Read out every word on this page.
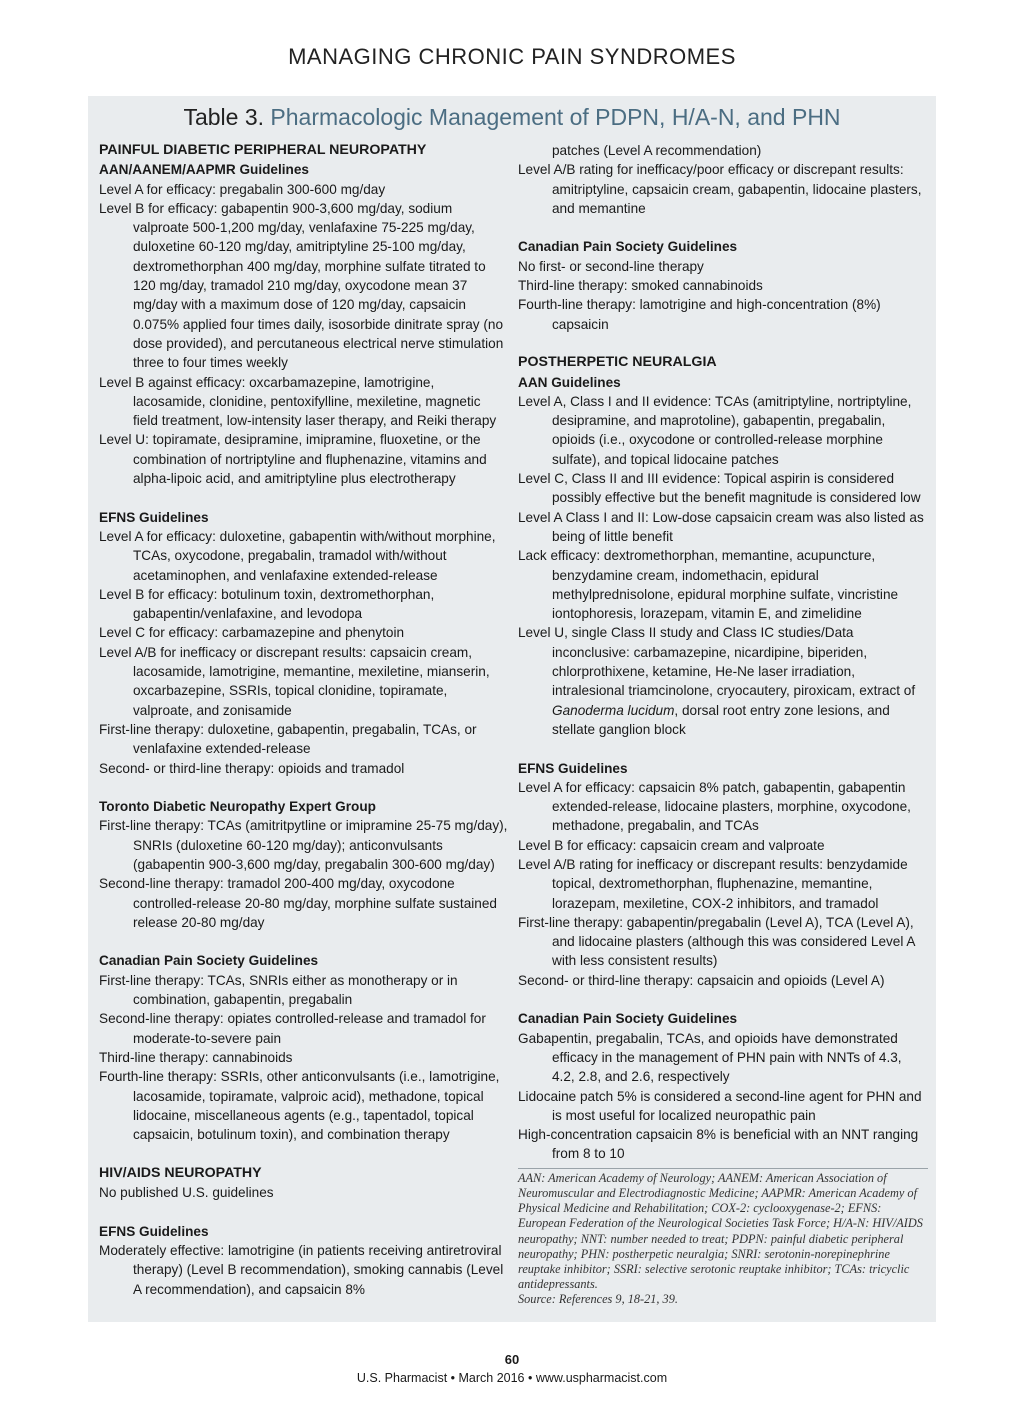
MANAGING CHRONIC PAIN SYNDROMES
Table 3. Pharmacologic Management of PDPN, H/A-N, and PHN
PAINFUL DIABETIC PERIPHERAL NEUROPATHY
AAN/AANEM/AAPMR Guidelines

Level A for efficacy: pregabalin 300-600 mg/day

Level B for efficacy: gabapentin 900-3,600 mg/day, sodium valproate 500-1,200 mg/day, venlafaxine 75-225 mg/day, duloxetine 60-120 mg/day, amitriptyline 25-100 mg/day, dextromethorphan 400 mg/day, morphine sulfate titrated to 120 mg/day, tramadol 210 mg/day, oxycodone mean 37 mg/day with a maximum dose of 120 mg/day, capsaicin 0.075% applied four times daily, isosorbide dinitrate spray (no dose provided), and percutaneous electrical nerve stimulation three to four times weekly

Level B against efficacy: oxcarbamazepine, lamotrigine, lacosamide, clonidine, pentoxifylline, mexiletine, magnetic field treatment, low-intensity laser therapy, and Reiki therapy

Level U: topiramate, desipramine, imipramine, fluoxetine, or the combination of nortriptyline and fluphenazine, vitamins and alpha-lipoic acid, and amitriptyline plus electrotherapy

EFNS Guidelines

Level A for efficacy: duloxetine, gabapentin with/without morphine, TCAs, oxycodone, pregabalin, tramadol with/without acetaminophen, and venlafaxine extended-release

Level B for efficacy: botulinum toxin, dextromethorphan, gabapentin/venlafaxine, and levodopa

Level C for efficacy: carbamazepine and phenytoin

Level A/B for inefficacy or discrepant results: capsaicin cream, lacosamide, lamotrigine, memantine, mexiletine, mianserin, oxcarbazepine, SSRIs, topical clonidine, topiramate, valproate, and zonisamide

First-line therapy: duloxetine, gabapentin, pregabalin, TCAs, or venlafaxine extended-release

Second- or third-line therapy: opioids and tramadol

Toronto Diabetic Neuropathy Expert Group

First-line therapy: TCAs (amitritpytline or imipramine 25-75 mg/day), SNRIs (duloxetine 60-120 mg/day); anticonvulsants (gabapentin 900-3,600 mg/day, pregabalin 300-600 mg/day)

Second-line therapy: tramadol 200-400 mg/day, oxycodone controlled-release 20-80 mg/day, morphine sulfate sustained release 20-80 mg/day

Canadian Pain Society Guidelines

First-line therapy: TCAs, SNRIs either as monotherapy or in combination, gabapentin, pregabalin

Second-line therapy: opiates controlled-release and tramadol for moderate-to-severe pain

Third-line therapy: cannabinoids

Fourth-line therapy: SSRIs, other anticonvulsants (i.e., lamotrigine, lacosamide, topiramate, valproic acid), methadone, topical lidocaine, miscellaneous agents (e.g., tapentadol, topical capsaicin, botulinum toxin), and combination therapy

HIV/AIDS NEUROPATHY

No published U.S. guidelines

EFNS Guidelines

Moderately effective: lamotrigine (in patients receiving antiretroviral therapy) (Level B recommendation), smoking cannabis (Level A recommendation), and capsaicin 8%

patches (Level A recommendation)

Level A/B rating for inefficacy/poor efficacy or discrepant results: amitriptyline, capsaicin cream, gabapentin, lidocaine plasters, and memantine

Canadian Pain Society Guidelines

No first- or second-line therapy

Third-line therapy: smoked cannabinoids

Fourth-line therapy: lamotrigine and high-concentration (8%) capsaicin

POSTHERPETIC NEURALGIA
AAN Guidelines

Level A, Class I and II evidence: TCAs (amitriptyline, nortriptyline, desipramine, and maprotoline), gabapentin, pregabalin, opioids (i.e., oxycodone or controlled-release morphine sulfate), and topical lidocaine patches

Level C, Class II and III evidence: Topical aspirin is considered possibly effective but the benefit magnitude is considered low

Level A Class I and II: Low-dose capsaicin cream was also listed as being of little benefit

Lack efficacy: dextromethorphan, memantine, acupuncture, benzydamine cream, indomethacin, epidural methylprednisolone, epidural morphine sulfate, vincristine iontophoresis, lorazepam, vitamin E, and zimelidine

Level U, single Class II study and Class IC studies/Data inconclusive: carbamazepine, nicardipine, biperiden, chlorprothixene, ketamine, He-Ne laser irradiation, intralesional triamcinolone, cryocautery, piroxicam, extract of Ganoderma lucidum, dorsal root entry zone lesions, and stellate ganglion block

EFNS Guidelines

Level A for efficacy: capsaicin 8% patch, gabapentin, gabapentin extended-release, lidocaine plasters, morphine, oxycodone, methadone, pregabalin, and TCAs

Level B for efficacy: capsaicin cream and valproate

Level A/B rating for inefficacy or discrepant results: benzydamide topical, dextromethorphan, fluphenazine, memantine, lorazepam, mexiletine, COX-2 inhibitors, and tramadol

First-line therapy: gabapentin/pregabalin (Level A), TCA (Level A), and lidocaine plasters (although this was considered Level A with less consistent results)

Second- or third-line therapy: capsaicin and opioids (Level A)

Canadian Pain Society Guidelines

Gabapentin, pregabalin, TCAs, and opioids have demonstrated efficacy in the management of PHN pain with NNTs of 4.3, 4.2, 2.8, and 2.6, respectively

Lidocaine patch 5% is considered a second-line agent for PHN and is most useful for localized neuropathic pain

High-concentration capsaicin 8% is beneficial with an NNT ranging from 8 to 10

AAN: American Academy of Neurology; AANEM: American Association of Neuromuscular and Electrodiagnostic Medicine; AAPMR: American Academy of Physical Medicine and Rehabilitation; COX-2: cyclooxygenase-2; EFNS: European Federation of the Neurological Societies Task Force; H/A-N: HIV/AIDS neuropathy; NNT: number needed to treat; PDPN: painful diabetic peripheral neuropathy; PHN: postherpetic neuralgia; SNRI: serotonin-norepinephrine reuptake inhibitor; SSRI: selective serotonic reuptake inhibitor; TCAs: tricyclic antidepressants.
Source: References 9, 18-21, 39.
60
U.S. Pharmacist • March 2016 • www.uspharmacist.com
